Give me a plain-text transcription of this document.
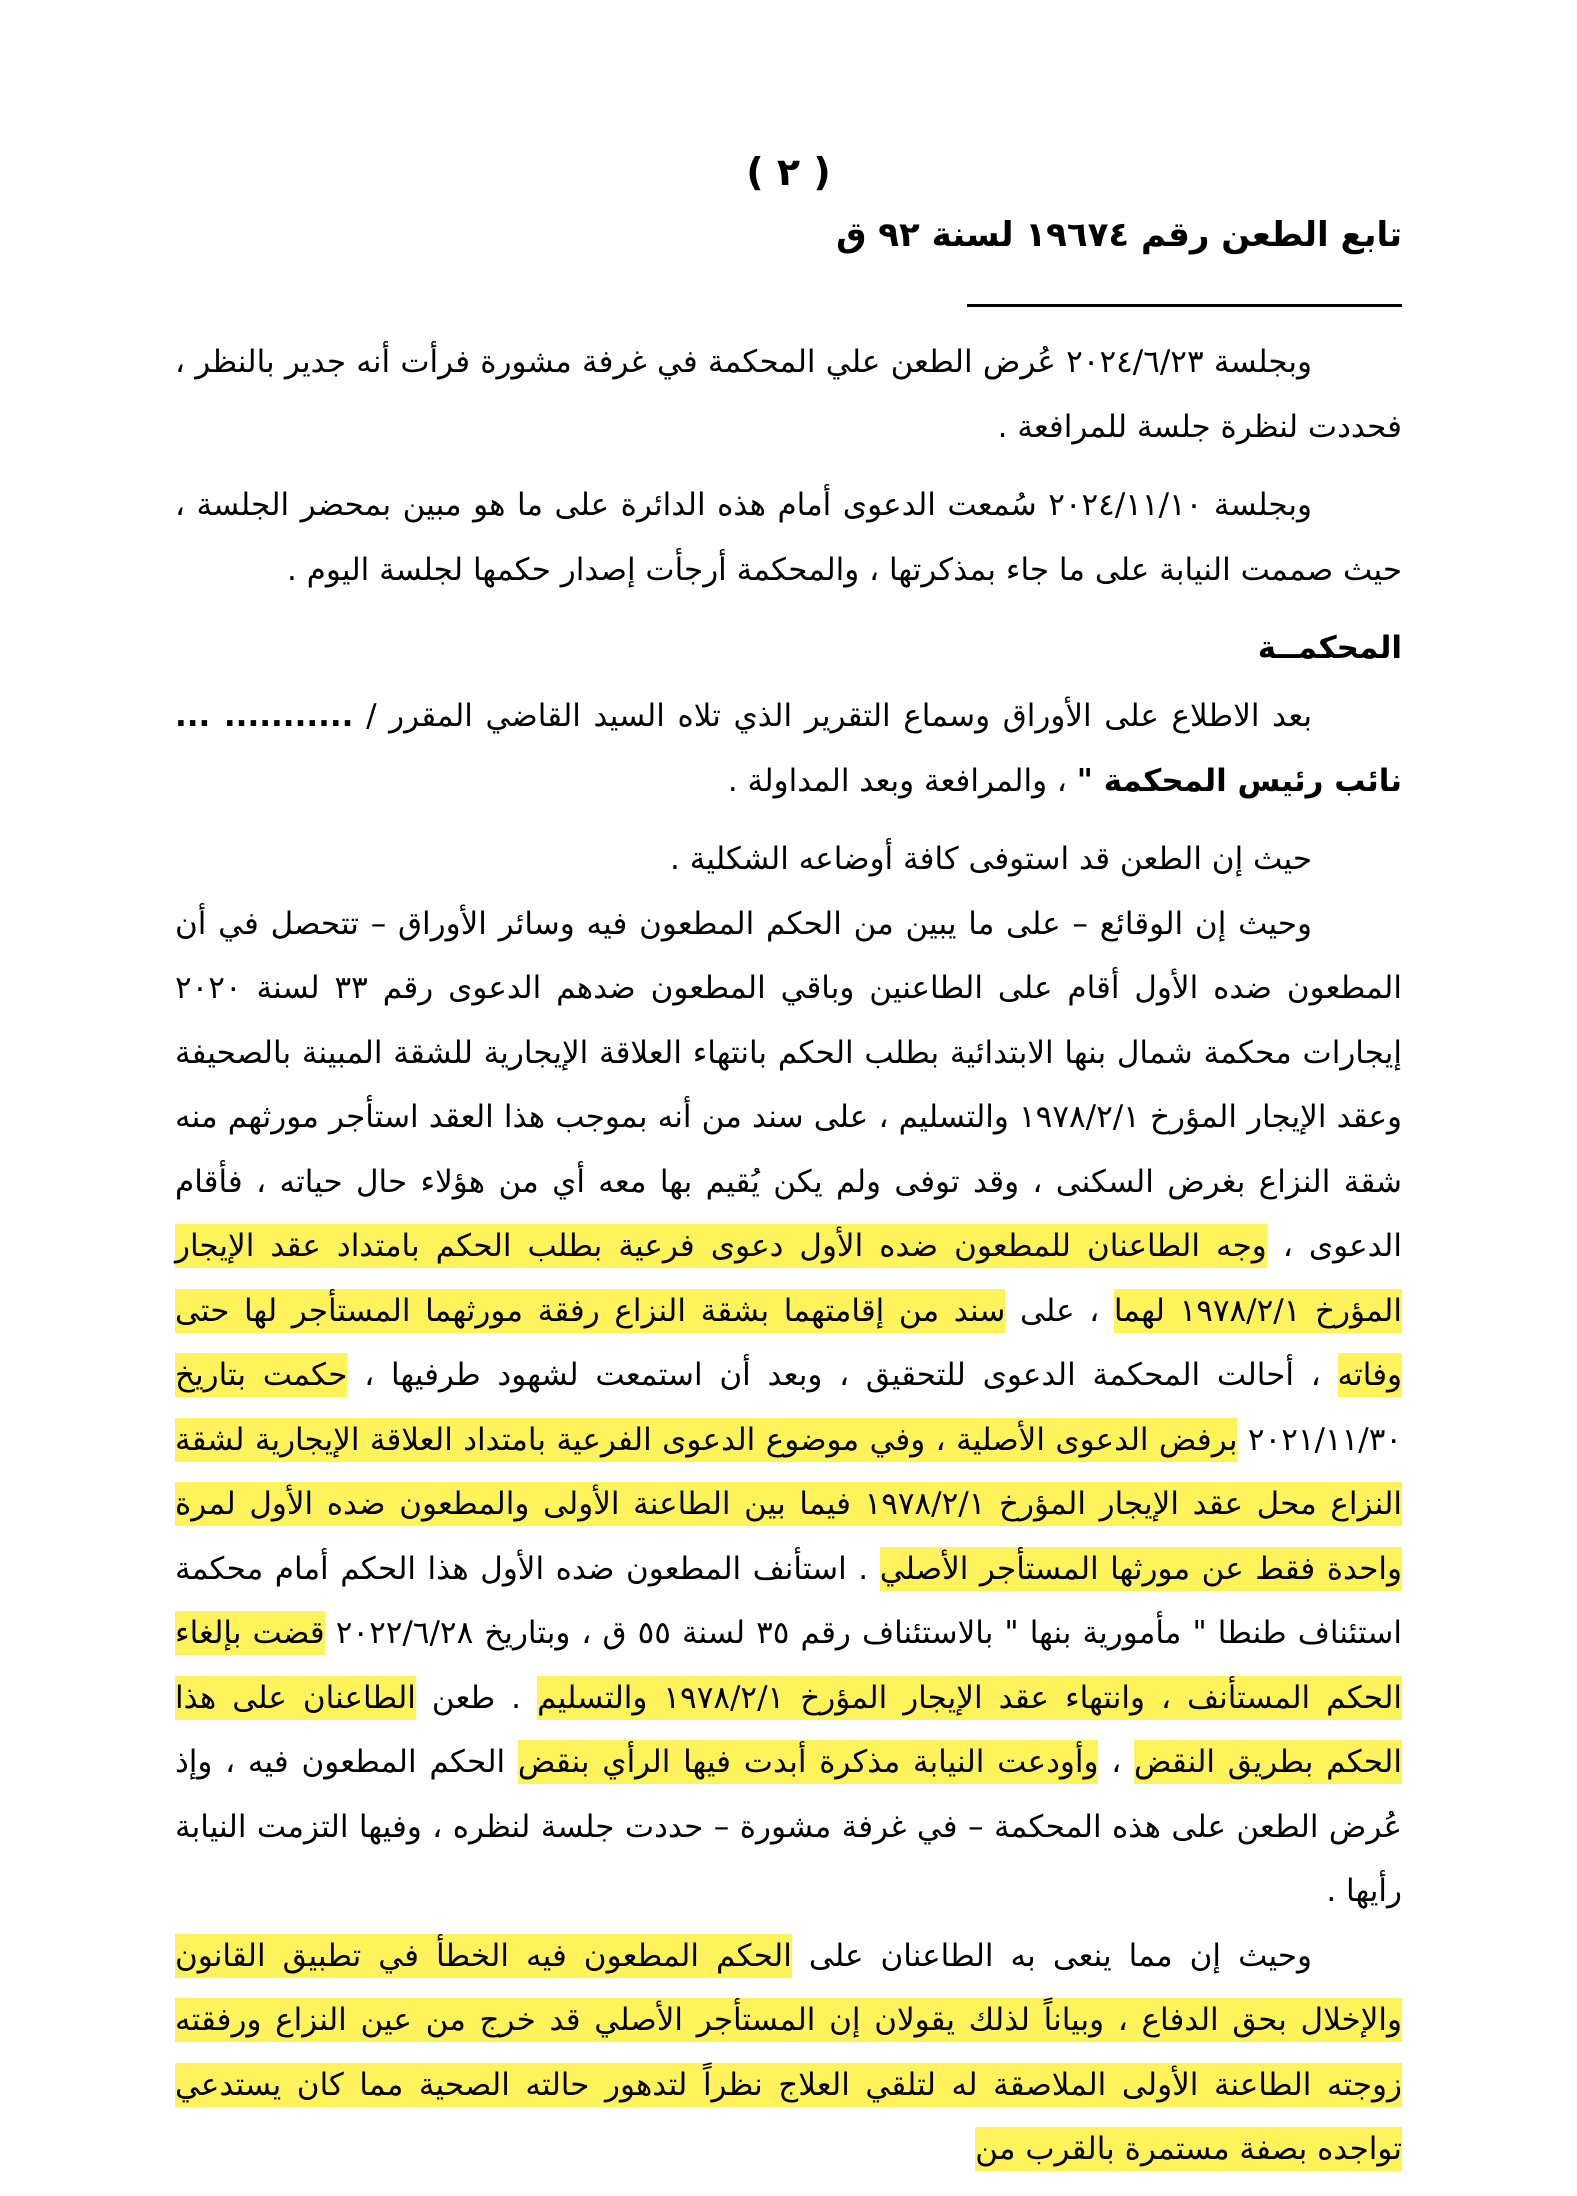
( ٢ )
تابع الطعن رقم ١٩٦٧٤ لسنة ٩٢ ق

وبجلسة ٢٠٢٤/٦/٢٣ عُرض الطعن علي المحكمة في غرفة مشورة فرأت أنه جدير بالنظر ، فحددت لنظرة جلسة للمرافعة .

وبجلسة ٢٠٢٤/١١/١٠ سُمعت الدعوى أمام هذه الدائرة على ما هو مبين بمحضر الجلسة ، حيث صممت النيابة على ما جاء بمذكرتها ، والمحكمة أرجأت إصدار حكمها لجلسة اليوم .

المحكمــة

بعد الاطلاع على الأوراق وسماع التقرير الذي تلاه السيد القاضي المقرر / ........... ... نائب رئيس المحكمة " ، والمرافعة وبعد المداولة .

حيث إن الطعن قد استوفى كافة أوضاعه الشكلية .

وحيث إن الوقائع – على ما يبين من الحكم المطعون فيه وسائر الأوراق – تتحصل في أن المطعون ضده الأول أقام على الطاعنين وباقي المطعون ضدهم الدعوى رقم ٣٣ لسنة ٢٠٢٠ إيجارات محكمة شمال بنها الابتدائية بطلب الحكم بانتهاء العلاقة الإيجارية للشقة المبينة بالصحيفة وعقد الإيجار المؤرخ ١٩٧٨/٢/١ والتسليم ، على سند من أنه بموجب هذا العقد استأجر مورثهم منه شقة النزاع بغرض السكنى ، وقد توفى ولم يكن يُقيم بها معه أي من هؤلاء حال حياته ، فأقام الدعوى ، وجه الطاعنان للمطعون ضده الأول دعوى فرعية بطلب الحكم بامتداد عقد الإيجار المؤرخ ١٩٧٨/٢/١ لهما ، على سند من إقامتهما بشقة النزاع رفقة مورثهما المستأجر لها حتى وفاته ، أحالت المحكمة الدعوى للتحقيق ، وبعد أن استمعت لشهود طرفيها ، حكمت بتاريخ ٢٠٢١/١١/٣٠ برفض الدعوى الأصلية ، وفي موضوع الدعوى الفرعية بامتداد العلاقة الإيجارية لشقة النزاع محل عقد الإيجار المؤرخ ١٩٧٨/٢/١ فيما بين الطاعنة الأولى والمطعون ضده الأول لمرة واحدة فقط عن مورثها المستأجر الأصلي . استأنف المطعون ضده الأول هذا الحكم أمام محكمة استئناف طنطا " مأمورية بنها " بالاستئناف رقم ٣٥ لسنة ٥٥ ق ، وبتاريخ ٢٠٢٢/٦/٢٨ قضت بإلغاء الحكم المستأنف ، وانتهاء عقد الإيجار المؤرخ ١٩٧٨/٢/١ والتسليم . طعن الطاعنان على هذا الحكم بطريق النقض ، وأودعت النيابة مذكرة أبدت فيها الرأي بنقض الحكم المطعون فيه ، وإذ عُرض الطعن على هذه المحكمة – في غرفة مشورة – حددت جلسة لنظره ، وفيها التزمت النيابة رأيها .

وحيث إن مما ينعى به الطاعنان على الحكم المطعون فيه الخطأ في تطبيق القانون والإخلال بحق الدفاع ، وبياناً لذلك يقولان إن المستأجر الأصلي قد خرج من عين النزاع ورفقته زوجته الطاعنة الأولى الملاصقة له لتلقي العلاج نظراً لتدهور حالته الصحية مما كان يستدعي تواجده بصفة مستمرة بالقرب من
